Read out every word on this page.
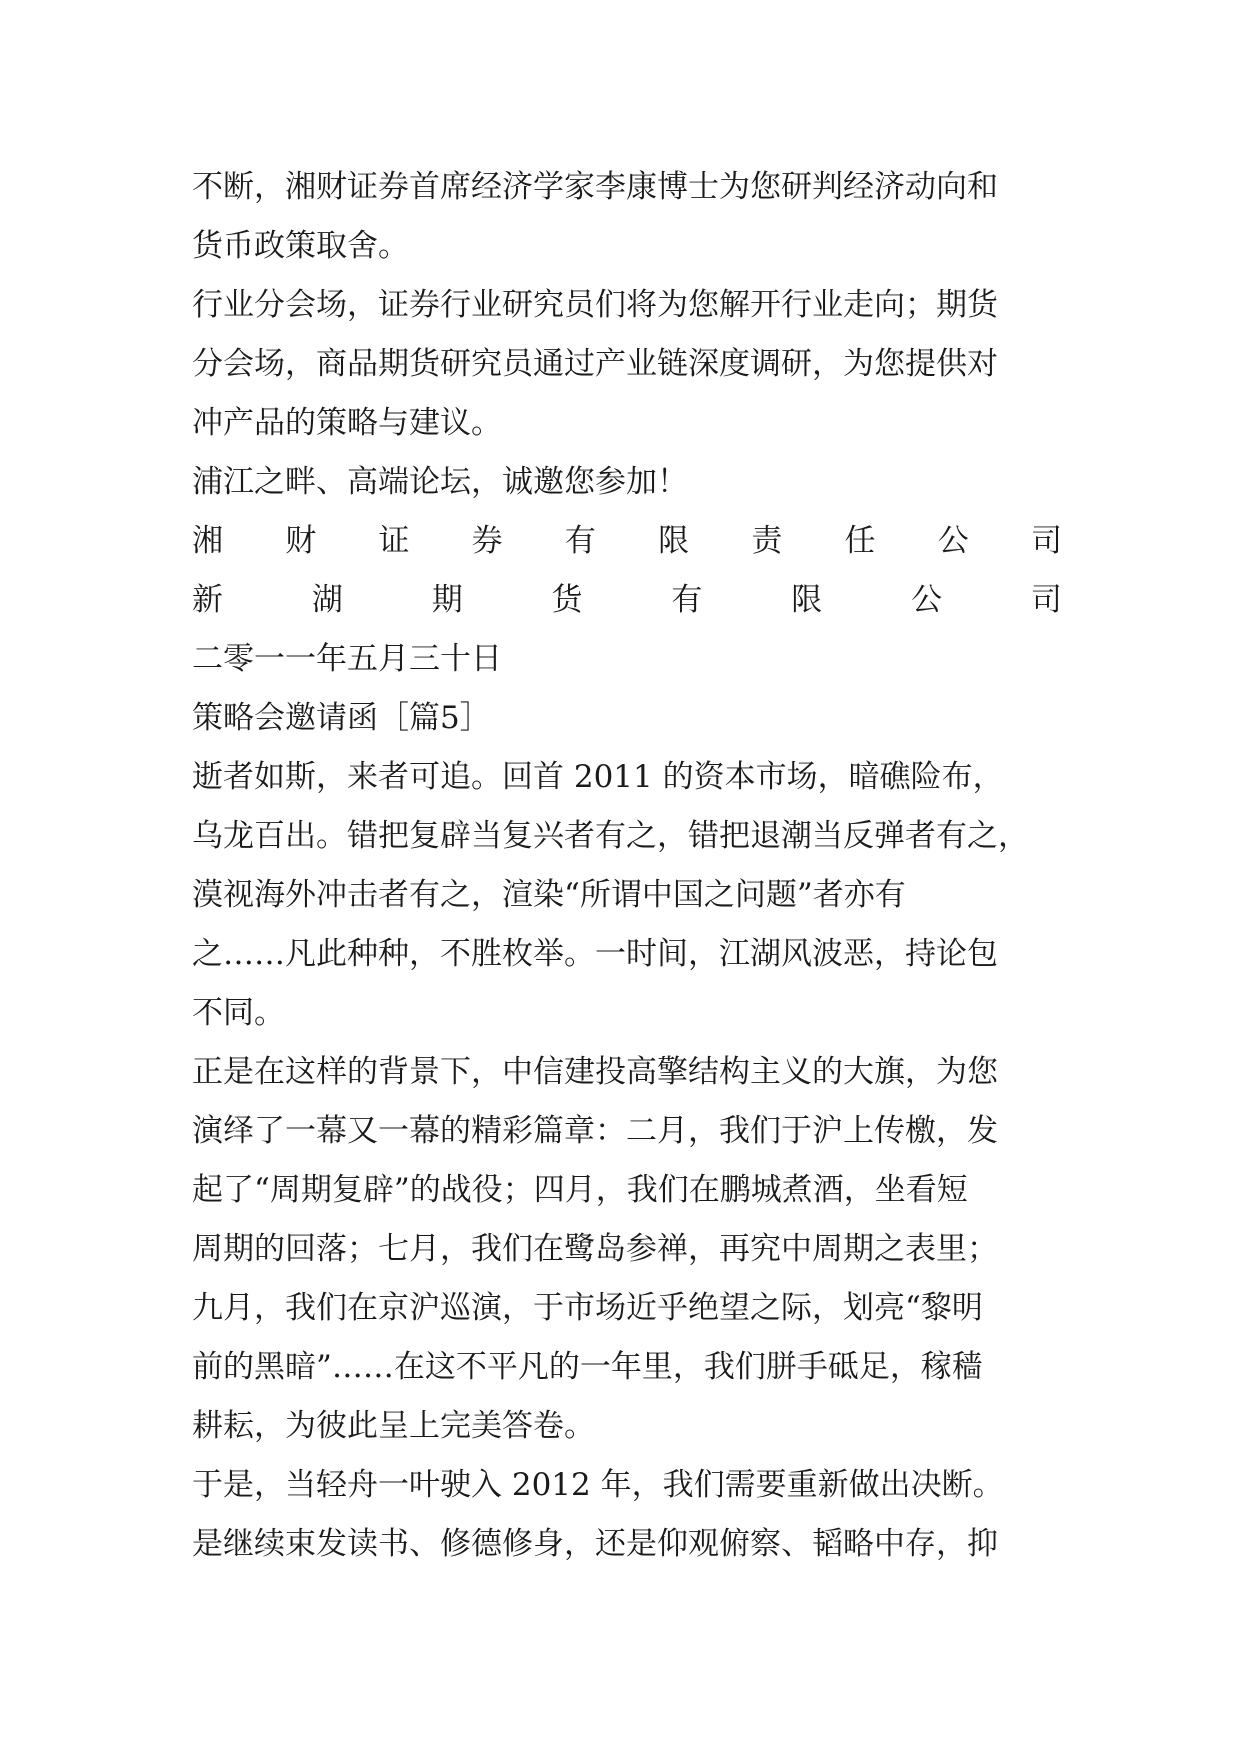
不断，湘财证券首席经济学家李康博士为您研判经济动向和
货币政策取舍。
行业分会场，证券行业研究员们将为您解开行业走向；期货
分会场，商品期货研究员通过产业链深度调研，为您提供对
冲产品的策略与建议。
浦江之畔、高端论坛，诚邀您参加！
湘 财 证 券 有 限 责 任 公 司
新	湖	期	货	有	限	公	司
二零一一年五月三十日
策略会邀请函［篇5］
逝者如斯，来者可追。回首 2011 的资本市场，暗礁险布，
乌龙百出。错把复辟当复兴者有之，错把退潮当反弹者有之，
漠视海外冲击者有之，渲染“所谓中国之问题”者亦有
之……凡此种种，不胜枚举。一时间，江湖风波恶，持论包
不同。
正是在这样的背景下，中信建投高擎结构主义的大旗，为您
演绎了一幕又一幕的精彩篇章：二月，我们于沪上传檄，发
起了“周期复辟”的战役；四月，我们在鹏城煮酒，坐看短
周期的回落；七月，我们在鹭岛参禅，再究中周期之表里；
九月，我们在京沪巡演，于市场近乎绝望之际，划亮“黎明
前的黑暗”……在这不平凡的一年里，我们胼手砥足，稼穑
耕耘，为彼此呈上完美答卷。
于是，当轻舟一叶驶入 2012 年，我们需要重新做出决断。
是继续束发读书、修德修身，还是仰观俯察、韬略中存，抑
